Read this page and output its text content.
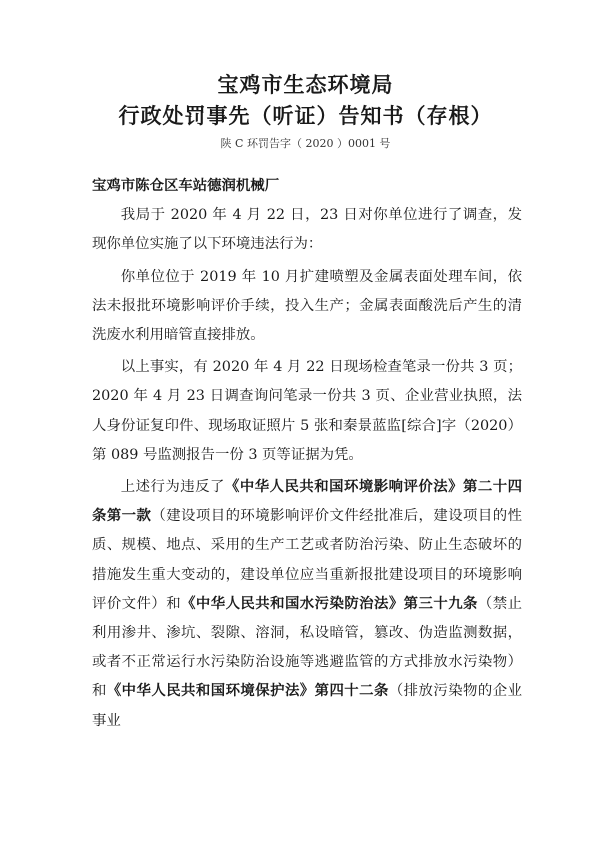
宝鸡市生态环境局
行政处罚事先（听证）告知书（存根）
陕 C 环罚告字（ 2020 ）0001 号

宝鸡市陈仓区车站德润机械厂

我局于 2020 年 4 月 22 日，23 日对你单位进行了调查，发现你单位实施了以下环境违法行为：

你单位位于 2019 年 10 月扩建喷塑及金属表面处理车间，依法未报批环境影响评价手续，投入生产；金属表面酸洗后产生的清洗废水利用暗管直接排放。

以上事实，有 2020 年 4 月 22 日现场检查笔录一份共 3 页；2020 年 4 月 23 日调查询问笔录一份共 3 页、企业营业执照，法人身份证复印件、现场取证照片 5 张和秦景蓝监[综合]字（2020）第 089 号监测报告一份 3 页等证据为凭。

上述行为违反了《中华人民共和国环境影响评价法》第二十四条第一款（建设项目的环境影响评价文件经批准后，建设项目的性质、规模、地点、采用的生产工艺或者防治污染、防止生态破坏的措施发生重大变动的，建设单位应当重新报批建设项目的环境影响评价文件）和《中华人民共和国水污染防治法》第三十九条（禁止利用渗井、渗坑、裂隙、溶洞，私设暗管，篡改、伪造监测数据，或者不正常运行水污染防治设施等逃避监管的方式排放水污染物）和《中华人民共和国环境保护法》第四十二条（排放污染物的企业事业
